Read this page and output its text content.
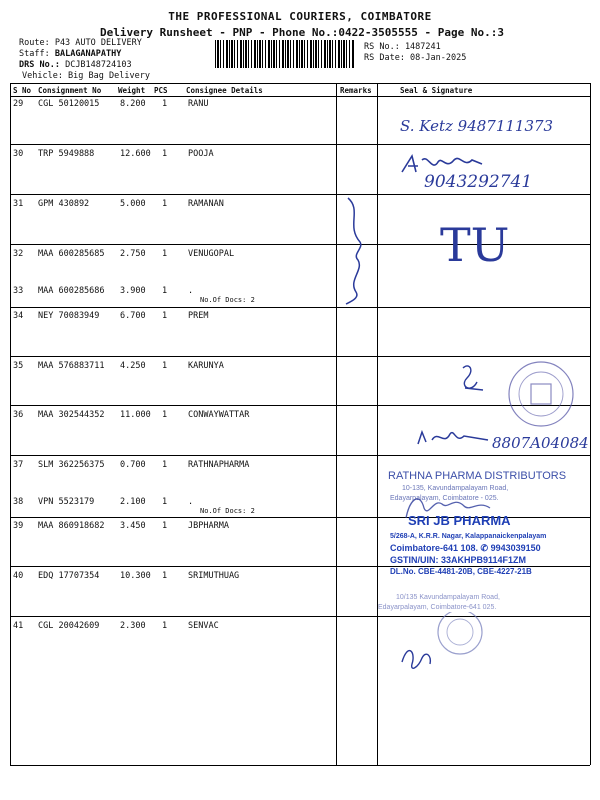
THE PROFESSIONAL COURIERS, COIMBATORE
Delivery Runsheet - PNP - Phone No.:0422-3505555 - Page No.:3
Route: P43 AUTO DELIVERY
Staff: BALAGANAPATHY
DRS No.: DCJB148724103
Vehicle: Big Bag Delivery
RS No.: 1487241
RS Date: 08-Jan-2025
S No Consignment No Weight PCS Consignee Details	Remarks	Seal & Signature
29 CGL 50120015 8.200 1 RANU
30 TRP 5949888	12.600 1 POOJA
31 GPM 430892	5.000 1 RAMANAN
32 MAA 600285685 2.750 1 VENUGOPAL
33 MAA 600285686 3.900 1 .
No.Of Docs: 2
34 NEY 70083949 6.700 1 PREM
35 MAA 576883711 4.250 1 KARUNYA
36 MAA 302544352 11.000 1 CONWAYWATTAR
37 SLM 362256375 0.700 1 RATHNAPHARMA
38 VPN 5523179	2.100 1 .
No.Of Docs: 2
39 MAA 860918682 3.450 1 JBPHARMA
40 EDQ 17707354 10.300 1 SRIMUTHUAG
41 CGL 20042609 2.300 1 SENVAC
S. Ketz 9487111373
9043292741
TU
8807A04084
RATHNA PHARMA DISTRIBUTORS
10-135, Kavundampalayam Road,
Edayarpalayam, Coimbatore - 025.
SRI JB PHARMA
5/268-A, K.R.R. Nagar, Kalappanaickenpalayam
Coimbatore-641 108. ✆ 9943039150
GSTIN/UIN: 33AKHPB9114F1ZM
DL.No. CBE-4481-20B, CBE-4227-21B
10/135 Kavundampalayam Road,
Edayarpalayam, Coimbatore-641 025.
